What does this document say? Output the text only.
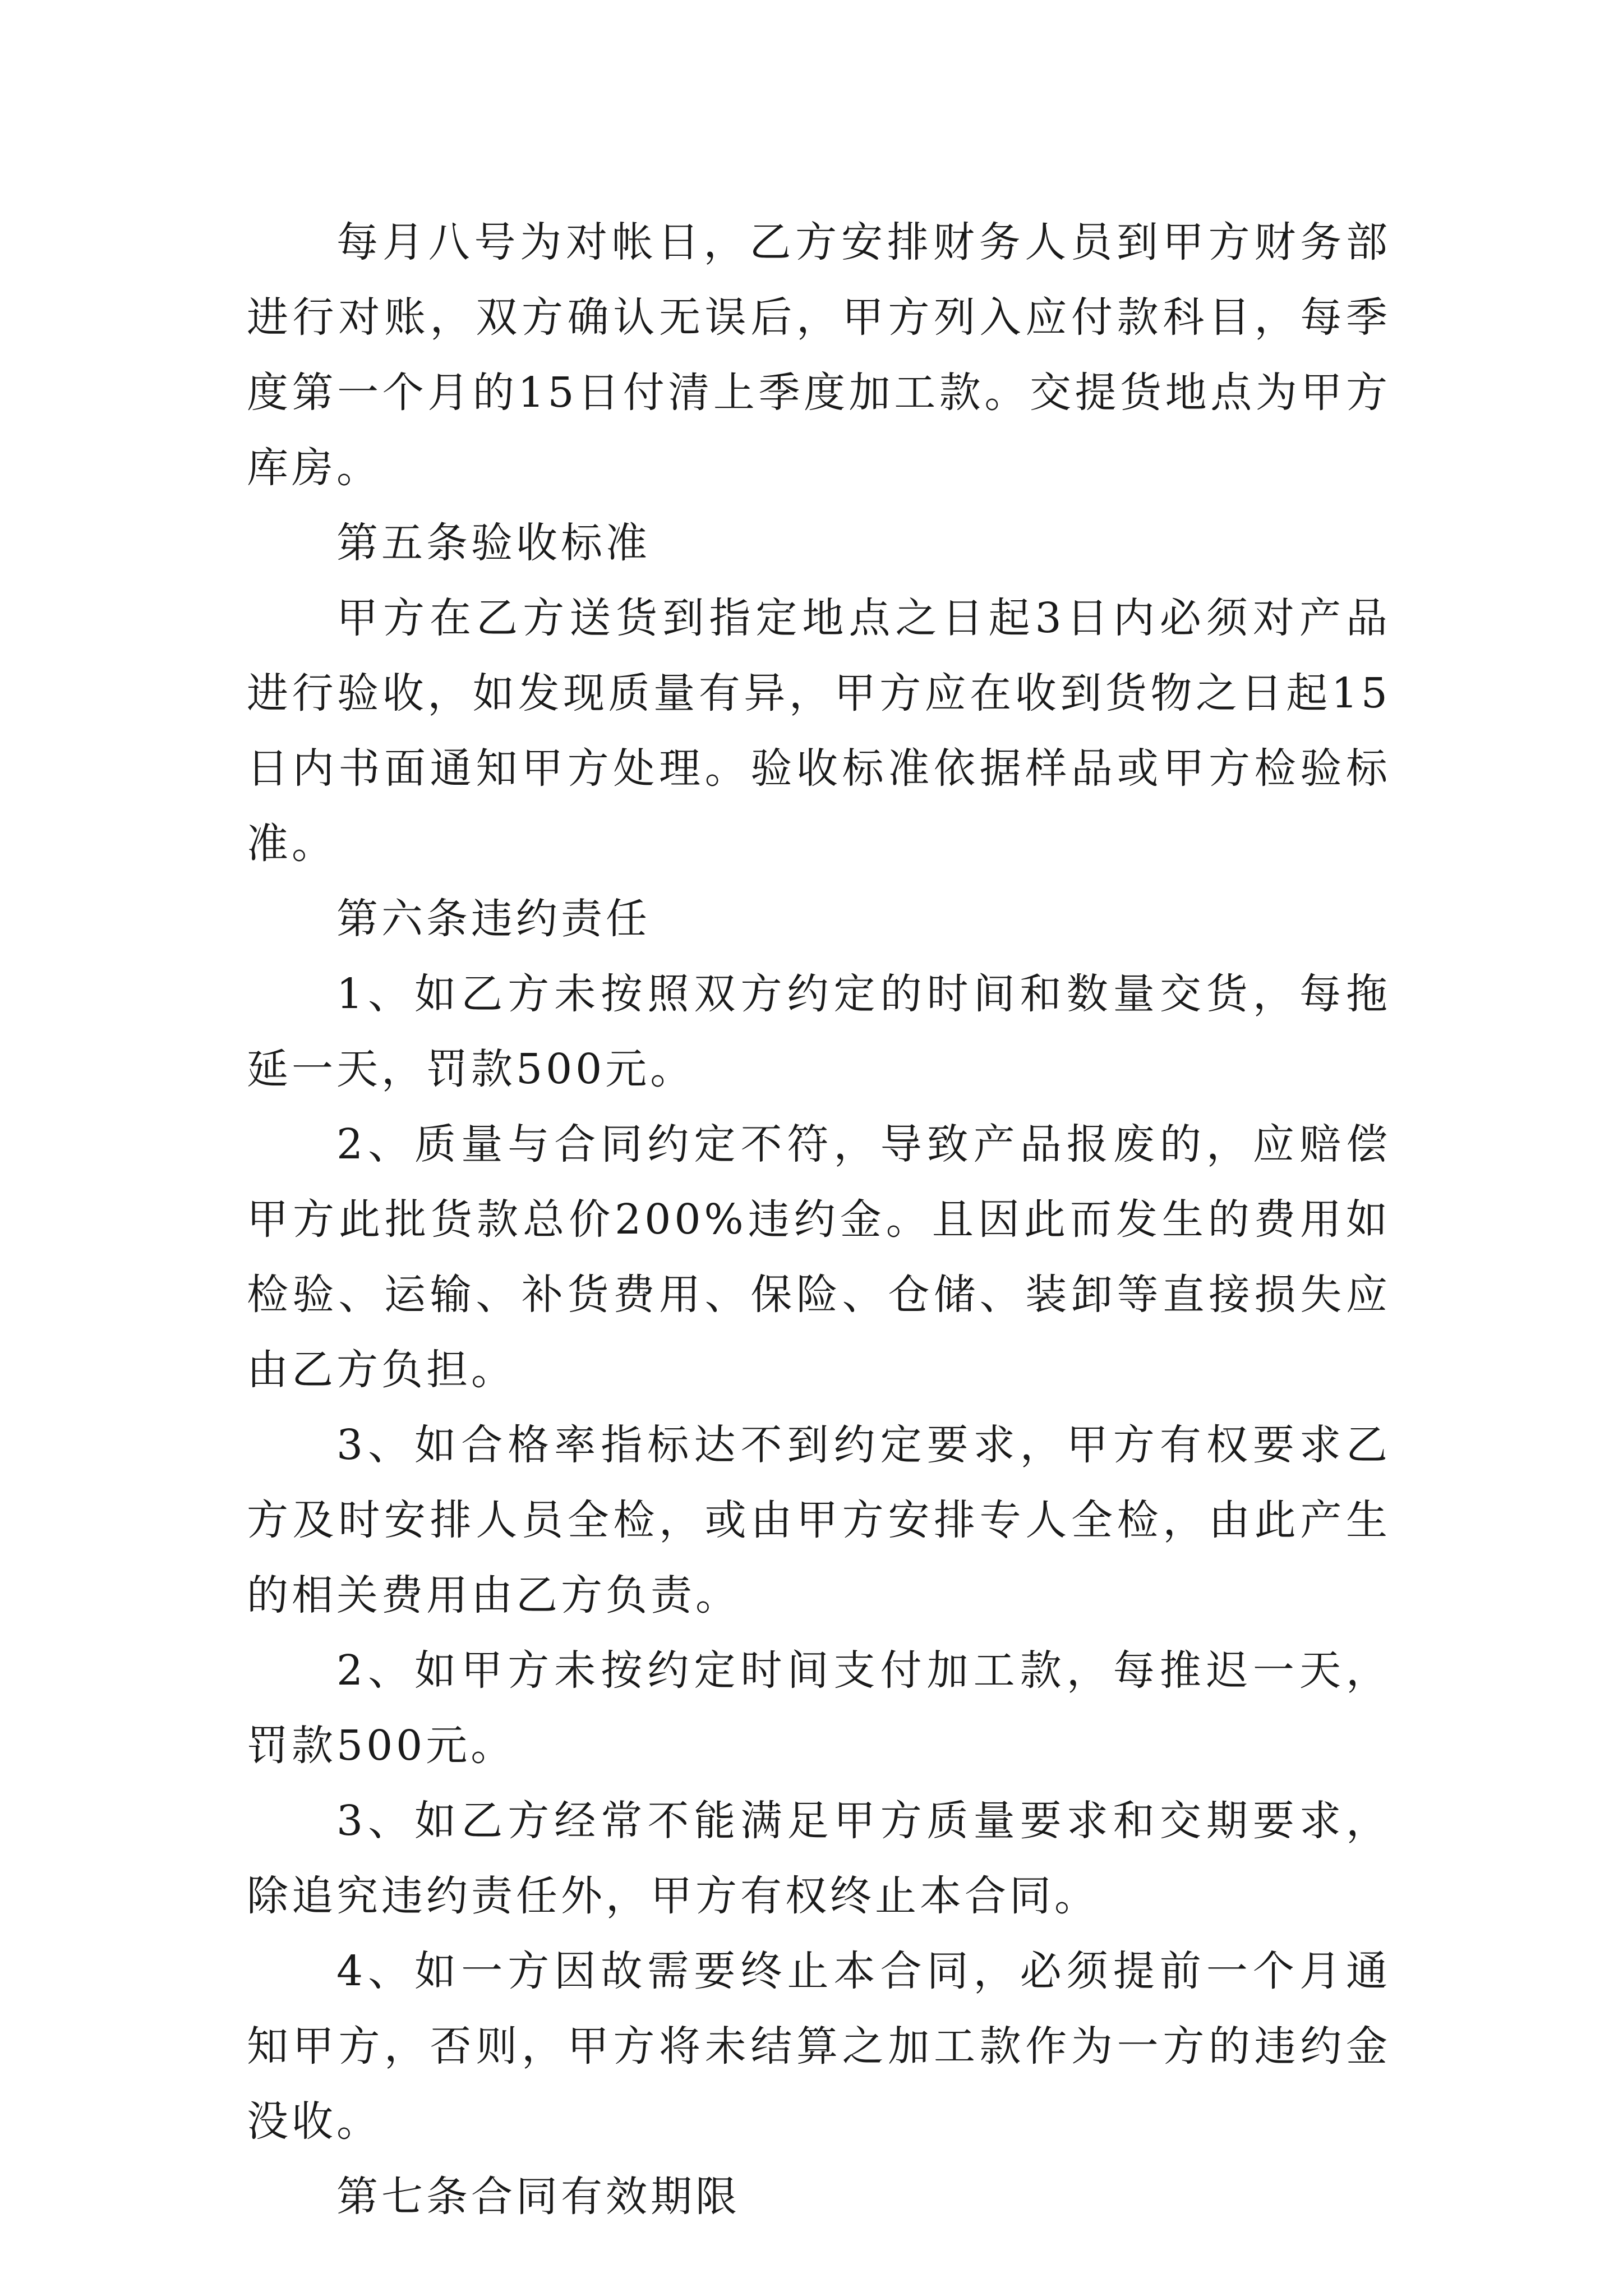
每月八号为对帐日，乙方安排财务人员到甲方财务部进行对账，双方确认无误后，甲方列入应付款科目，每季度第一个月的15日付清上季度加工款。交提货地点为甲方库房。

第五条验收标准

甲方在乙方送货到指定地点之日起3日内必须对产品进行验收，如发现质量有异，甲方应在收到货物之日起15日内书面通知甲方处理。验收标准依据样品或甲方检验标准。

第六条违约责任

1、如乙方未按照双方约定的时间和数量交货，每拖延一天，罚款500元。

2、质量与合同约定不符，导致产品报废的，应赔偿甲方此批货款总价200%违约金。且因此而发生的费用如检验、运输、补货费用、保险、仓储、装卸等直接损失应由乙方负担。

3、如合格率指标达不到约定要求，甲方有权要求乙方及时安排人员全检，或由甲方安排专人全检，由此产生的相关费用由乙方负责。

2、如甲方未按约定时间支付加工款，每推迟一天，罚款500元。

3、如乙方经常不能满足甲方质量要求和交期要求，除追究违约责任外，甲方有权终止本合同。

4、如一方因故需要终止本合同，必须提前一个月通知甲方，否则，甲方将未结算之加工款作为一方的违约金没收。

第七条合同有效期限
